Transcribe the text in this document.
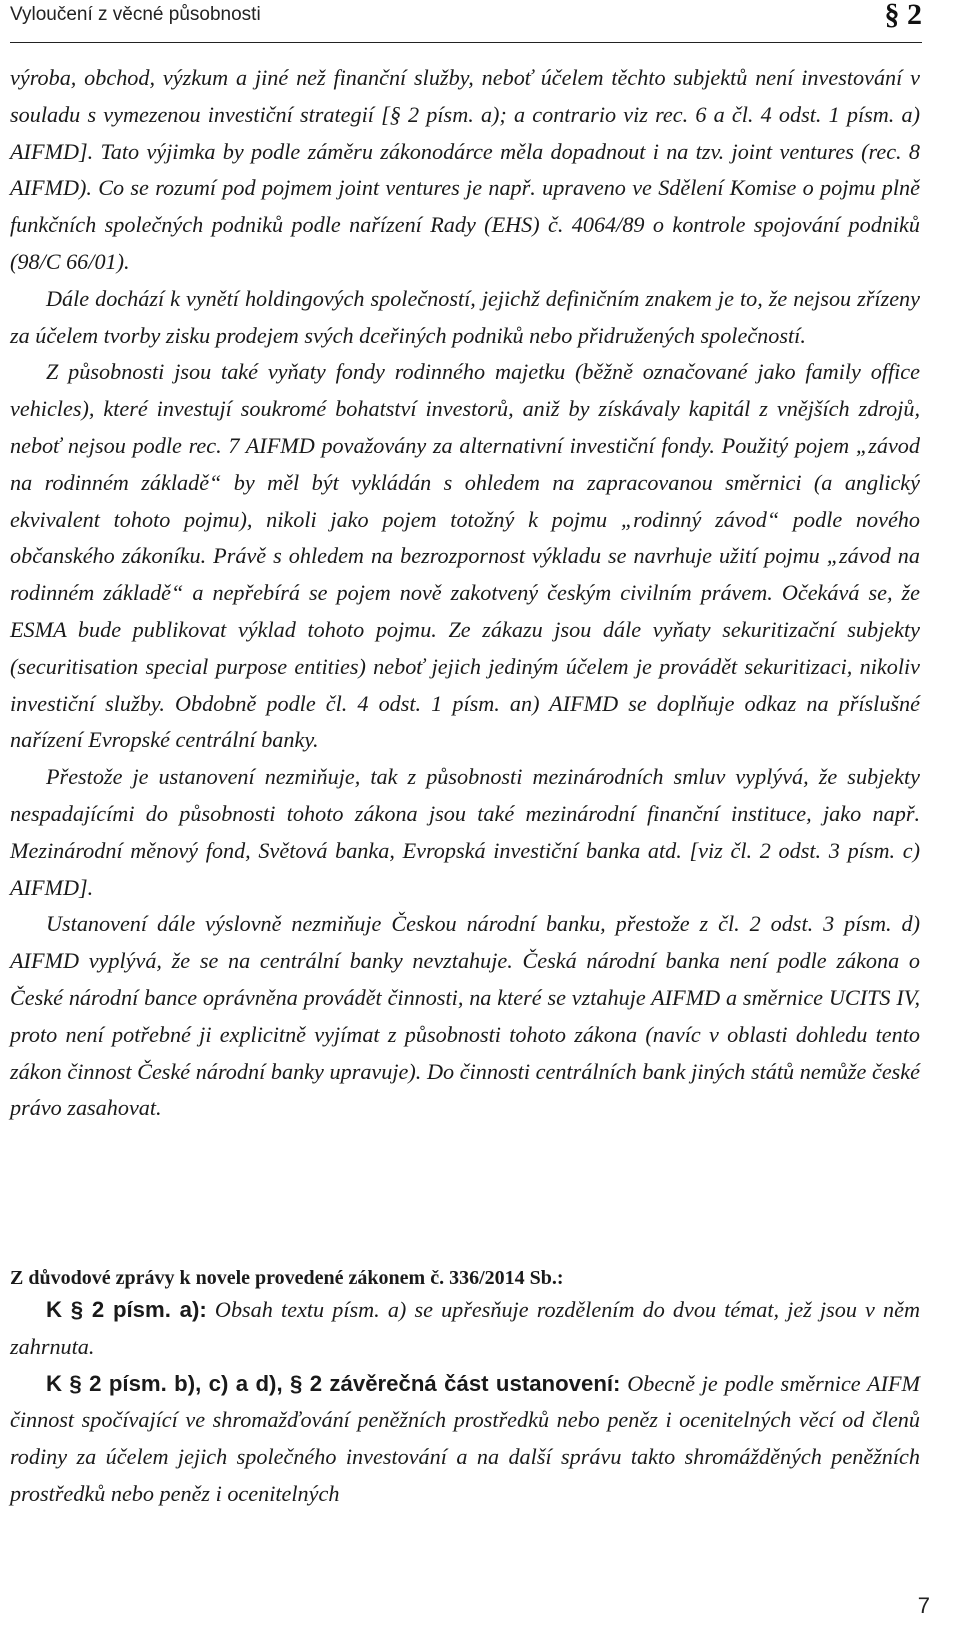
Vyloučení z věcné působnosti	§ 2

výroba, obchod, výzkum a jiné než finanční služby, neboť účelem těchto subjektů není investování v souladu s vymezenou investiční strategií [§ 2 písm. a); a contrario viz rec. 6 a čl. 4 odst. 1 písm. a) AIFMD]. Tato výjimka by podle záměru zákonodárce měla dopadnout i na tzv. joint ventures (rec. 8 AIFMD). Co se rozumí pod pojmem joint ventures je např. upraveno ve Sdělení Komise o pojmu plně funkčních společných podniků podle nařízení Rady (EHS) č. 4064/89 o kontrole spojování podniků (98/C 66/01).

Dále dochází k vynětí holdingových společností, jejichž definičním znakem je to, že nejsou zřízeny za účelem tvorby zisku prodejem svých dceřiných podniků nebo přidružených společností.

Z působnosti jsou také vyňaty fondy rodinného majetku (běžně označované jako family office vehicles), které investují soukromé bohatství investorů, aniž by získávaly kapitál z vnějších zdrojů, neboť nejsou podle rec. 7 AIFMD považovány za alternativní investiční fondy. Použitý pojem „závod na rodinném základě“ by měl být vykládán s ohledem na zapracovanou směrnici (a anglický ekvivalent tohoto pojmu), nikoli jako pojem totožný k pojmu „rodinný závod“ podle nového občanského zákoníku. Právě s ohledem na bezrozpornost výkladu se navrhuje užití pojmu „závod na rodinném základě“ a nepřebírá se pojem nově zakotvený českým civilním právem. Očekává se, že ESMA bude publikovat výklad tohoto pojmu. Ze zákazu jsou dále vyňaty sekuritizační subjekty (securitisation special purpose entities) neboť jejich jediným účelem je provádět sekuritizaci, nikoliv investiční služby. Obdobně podle čl. 4 odst. 1 písm. an) AIFMD se doplňuje odkaz na příslušné nařízení Evropské centrální banky.

Přestože je ustanovení nezmiňuje, tak z působnosti mezinárodních smluv vyplývá, že subjekty nespadajícími do působnosti tohoto zákona jsou také mezinárodní finanční instituce, jako např. Mezinárodní měnový fond, Světová banka, Evropská investiční banka atd. [viz čl. 2 odst. 3 písm. c) AIFMD].

Ustanovení dále výslovně nezmiňuje Českou národní banku, přestože z čl. 2 odst. 3 písm. d) AIFMD vyplývá, že se na centrální banky nevztahuje. Česká národní banka není podle zákona o České národní bance oprávněna provádět činnosti, na které se vztahuje AIFMD a směrnice UCITS IV, proto není potřebné ji explicitně vyjímat z působnosti tohoto zákona (navíc v oblasti dohledu tento zákon činnost České národní banky upravuje). Do činnosti centrálních bank jiných států nemůže české právo zasahovat.

Z důvodové zprávy k novele provedené zákonem č. 336/2014 Sb.:

K § 2 písm. a): Obsah textu písm. a) se upřesňuje rozdělením do dvou témat, jež jsou v něm zahrnuta.

K § 2 písm. b), c) a d), § 2 závěrečná část ustanovení: Obecně je podle směrnice AIFM činnost spočívající ve shromažďování peněžních prostředků nebo peněz i ocenitelných věcí od členů rodiny za účelem jejich společného investování a na další správu takto shromážděných peněžních prostředků nebo peněz i ocenitelných

7
